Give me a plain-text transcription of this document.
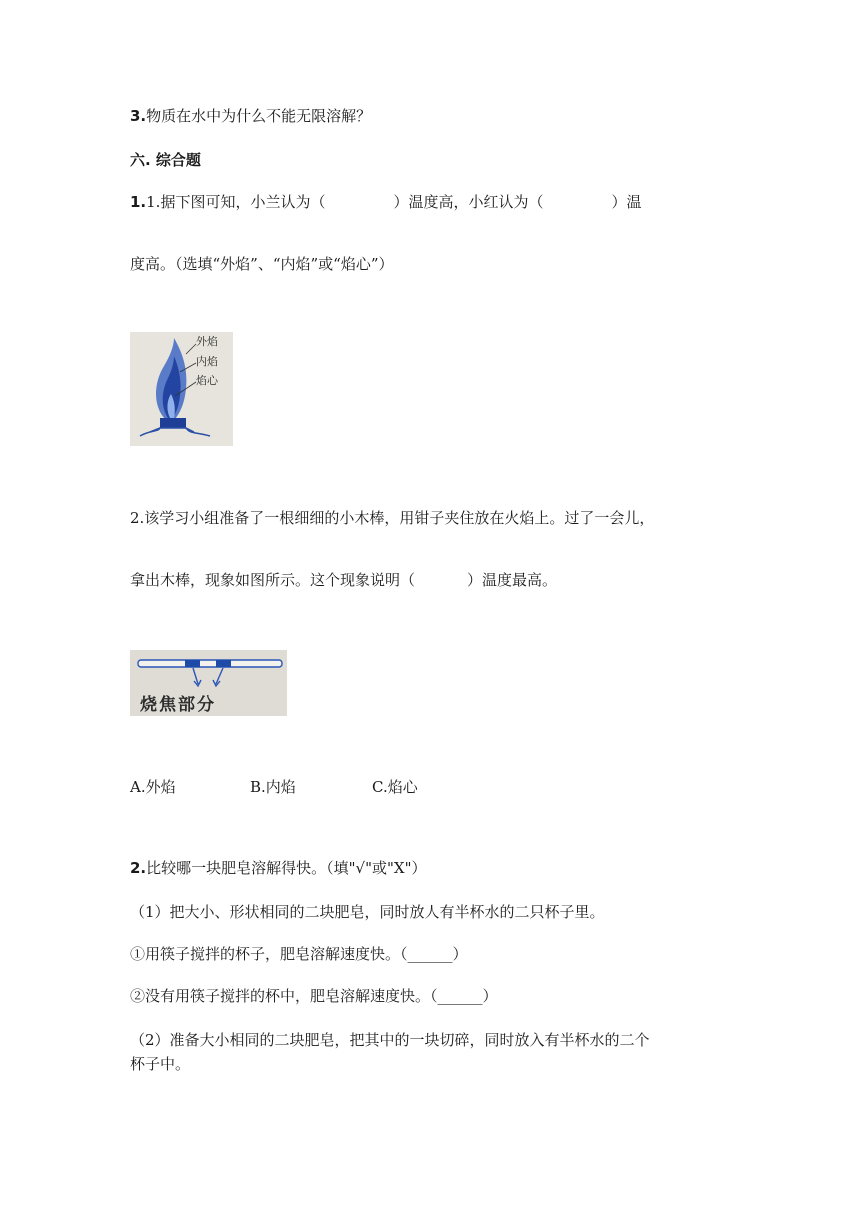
3.物质在水中为什么不能无限溶解？
六. 综合题
1.1.据下图可知，小兰认为（	）温度高，小红认为（	）温
度高。（选填“外焰”、“内焰”或“焰心”）
外焰
内焰
焰心
2.该学习小组准备了一根细细的小木棒，用钳子夹住放在火焰上。过了一会儿，
拿出木棒，现象如图所示。这个现象说明（	）温度最高。
烧焦部分
A.外焰	B.内焰	C.焰心
2.比较哪一块肥皂溶解得快。（填"√"或"X"）
（1）把大小、形状相同的二块肥皂，同时放人有半杯水的二只杯子里。
①用筷子搅拌的杯子，肥皂溶解速度快。（______）
②没有用筷子搅拌的杯中，肥皂溶解速度快。（______）
（2）准备大小相同的二块肥皂，把其中的一块切碎，同时放入有半杯水的二个
杯子中。
